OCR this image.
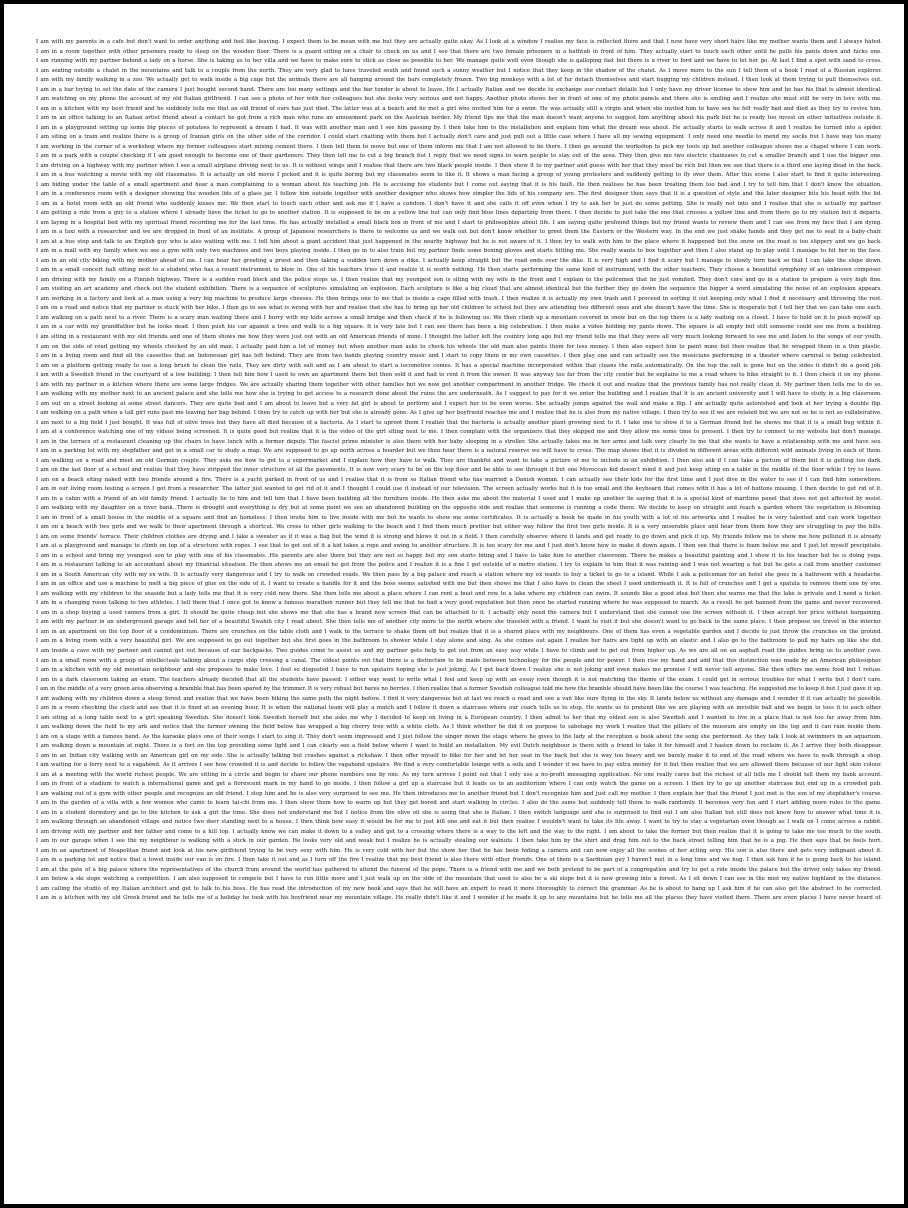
I am with my parents in a cafe but don't want to order anything and feel like leaving. I expect them to be mean with me but they are actually quite okay. As I look at a window I realise my face is reflected there and that I now have very short hairs like my mother wants them and I always hated.
I am in a room together with other prisoners ready to sleep on the wooden floor. There is a guard sitting on a chair to check on us and I see that there are two female prisoners in a bathtub in front of him. They actually start to touch each other until he pulls his pants down and fucks one.
I am running with my partner behind a lady on a horse. She is taking us to her villa and we have to make sure to stick as close as possible to her. We manage quite well even though she is galloping fast but there is a river to ford and we have to let her go. At last I find a spot with sand to cross.
I am seating outside a chalet in the mountains and talk to a couple from the north. They are very glad to have traveled south and found such a sunny weather but I notice that they keep in the shadow of the chalet. As I move more to the sun I tell them of a book I read of a Russian explorer.
I am with my family walking in a zoo. We actually get to walk inside a big cage but the animals there are all hanging around the bars completely frozen. Two big monkeys with a lot of fur detach themselves and start hugging my children instead. I then look at them trying to pull themselves out.
I am in a bar trying to set the date of the camera I just bought second hand. There are too many settings and the bar tender is about to leave. He I actually Italian and we decide to exchange our contact details but I only have my driver license to show him and he has his that is almost identical.
I am watching on my phone the account of my old Italian girlfriend. I can see a photo of her with her colleagues but she looks very serious and not happy. Another photo shows her in front of one of my photo panels and there she is smiling and I realize she must still be very in love with me.
I am in a kitchen with my best friend and he suddenly tells me that an old friend of ours has just died. The latter was at a beach and he met a girl who invited him for a swim. He was actually still a virgin and when she invited him to have sex he felt really bad and died as they try to revive him.
I am in an office talking to an Italian artist friend about a contact he got from a rich man who runs an amusement park on the Austrian border. My friend tips me that the man doesn't want anyone to suggest him anything about his park but he is ready too invest on other initiatives outside it.
I am in a playground setting up some big pieces of potatoes to represent a dream I had. It was with another man and I see him passing by. I then take him to the installation and explain him what the dream was about. He actually starts to walk across it and I realize he turned into a spider.
I am siting on a train and realize there is a group of Iranian girls on the other side of the corridor. I could start chatting with them but I actually don't care and just pull out a little case where I have all my sewing equipment. I only need one needle to mend my socks but I have way too many.
I am working in the corner of a workshop where my former colleagues start mixing cement there. I then tell them to move but one of them inform me that I am not allowed to be there. I then go around the workshop to pick my tools up but another colleague shows me a chapel where I can work.
I am in a park with a couple checking if I am good enough to become one of their gardeners. They then tell me to cut a big branch but I reply that we need signs to warn people to stay out of the area. They then give me two electric chainsaws to cut a smaller branch and I use the bigger one.
I am driving on a highway with my partner when I see a small airplane driving next to us. It is without wings and I realise that there are two black people inside. I then show it to my partner and guess with her that they must be rich but then we see that there is a third one laying dead in the back.
I am in a bus watching a movie with my old classmates. It is actually an old movie I picked and it is quite boring but my classmates seem to like it. It shows a man facing a group of young protesters and suddenly getting to fly over them. After this scene I also start to find it quite interesting.
I am hiding under the table of a small apartment and hear a man complaining to a woman about his teaching job. He is accusing his students but I come out saying that it is his fault. He then realises he has been treating them too bad and I try to tell him that I don't know the situation.
I am in a conference room with a designer showing the wooden lids of a glass jar. I follow him outside together with another designer who shows how simpler the lids of his company are. The first designer then says that it is a question of style and the later designer hits his head with the lid.
I am in a hotel room with an old friend who suddenly kisses me. We then start to touch each other and ask me if I have a condom. I don't have it and she calls it off even when I try to ask her to just do some petting. She is really not into and I realise that she is actually my partner.
I am getting a ride from a guy to a station where I already have the ticket to go to another station. It is supposed to be on a yellow line but can only find blue lines departing from there. I then decide to just take the one that crosses a yellow line and from there go to my station but it departs.
I am laying in a hospital bed with my spiritual friend recording me for the last time. He has actually installed a small black box in front of me and I start to philosophize about life. I am saying quite profound things but my friend wants to review them and I can see from my face that I am dying.
I am in a taxi with a researcher and we are dropped in front of an institute. A group of Japanese researchers is there to welcome us and we walk out but don't know whether to greet them the Eastern or the Western way. In the end we just shake hands and they get me to seat in a baby-chair.
I am at a bus stop and talk to an English guy who is also waiting with me. I tell him about a giant accident that just happened in the nearby highway but he is not aware of it. I then try to walk with him to the place where it happened but the snow on the road is too slippery and we go back.
I am in a mall with my family when we see a gym with only two machines and two boys playing inside. I then go in to also train but my partner finds some boxing gloves and starts hitting me. She really wants to box together and then I also stand up to play until I manage to hit her in the face.
I am in an old city biking with my mother ahead of me. I can hear her greeting a priest and then taking a sudden turn down a dike. I actually keep straight but the road ends over the dike. It is very high and I find it scary but I manage to slowly turn back so that I can take the slope down.
I am in a small concert hall sitting next to a student who has a round instrument to blow in. One of his teachers tries it and realize it is worth nothing. He then starts performing the same kind of instrument with the other teachers. They choose a beautiful symphony of an unknown composer.
I am driving with my family on a Finnish highway. There is a sudden road block and the police stops us. I then realize that my youngest son is siting with my wife in the front and I explain to the policemen that he just vomited. They don't care and go in a station to prepare a very high fine.
I am visiting an art academy and check out the student exhibition. There is a sequence of sculptures simulating an explosion. Each sculpture is like a big cloud that are almost identical but the further they go down the sequence the bigger a word simulating the noise of an explosion appears.
I am working in a factory and look at a man using a very big machine to produce large cheeses. He then brings one to me that is inside a cage filled with trash. I then realize it is actually my own trash and I proceed in sorting it out keeping only what I find it necessary and throwing the rest.
I am on a road and notice that my partner is stuck with her bike. I then go to see what is wrong with her and realise that she has to bring up her old children to school but they are attending two different ones and she doesn't have the time. She is desperate but I tell her that we can take one each.
I am walking on a path next to a river. There is a scary man waiting there and I hurry with my kids across a small bridge and then check if he is following us. We then climb up a mountain covered in snow but on the top there is a lady waiting on a closet. I have to hold on it to push myself up.
I am in a car with my grandfather but he looks dead. I then push his car against a tree and walk to a big square. It is very late but I can see there has been a big celebration. I then make a video holding my pants down. The square is all empty but still someone could see me from a building.
I am siting in a restaurant with my old friends and one of them shows me how they were just out with an old American friends of mine. I thought the latter left the country long ago but my friend tells me that they were all very much looking forward to see me and listen to the songs of our youth.
I am on the side of road getting my wheels checked by an old man. I actually paid him a lot of money but when another man asks to check his wheels the old man also paints them for less money. I then also expect him to paint mine but then realize that he wrapped them in a thin plastic.
I am in a living room and find all the cassettes that an Indonesian girl has left behind. They are from two bands playing country music and I start to copy them in my own cassettes. I then play one and can actually see the musicians performing in a theater where carnival is being celebrated.
I am on a platform getting ready to use a long brush to clean the rails. They are dirty with salt and as I am about to start a locomotive comes. It has a special machine incorporated within that cleans the rails automatically. On the top the salt is gone but on the sides it didn't do a good job.
I am with a Swedish friend in the courtyard of a low building. I then tell him how I used to own an apartment there but then sold it and had to rent it from the owner. It was anyway too far from the city center but he explains to me a road where to bike straight to it. I then check it on my phone.
I am with my partner in a kitchen where there are some large fridges. We are actually sharing them together with other families but we now got another compartment in another fridge. We check it out and realize that the previous family has not really clean it. My partner then tells me to do so.
I am walking with my mother next to an ancient palace and she tells me how she is trying to get access to a research done about the ruins the are underneath. As I suggest to pay for it we enter the building and I realize that it is an ancient university and I will have to study in a big classroom.
I am out on a street looking at some street dancers. They are quite bad and I am about to leave but a very fat girl is about to perform and I expect her to be even worse. She actually jumps against the wall and make a flip. I am actually quite astonished and look at her trying a double flip.
I am walking on a path when a tall girl runs past me leaving her bag behind. I then try to catch up with her but she is already gone. As I give up her boyfriend reaches me and I realize that he is also from my native village. I then try to see if we are related but we are not so he is not so collaborative.
I am next to a big field I just bought. It was full of olive trees but they have all died because of a bacteria. As I start to uproot them I realize that the bacteria is actually another plant growing next to it. I take one to show it to a German friend but he shows me that it is a small bug within it.
I am at a conference watching one of my videos being screened. It is quite good but realize that it is the video of the girl siting next to me. I then complain with the organizers that they skipped me and they allow me some time to present. I then try to connect to my website but don't manage.
I am in the terrace of a restaurant cleaning up the chairs to have lunch with a former deputy. The fascist prime minister is also there with her baby sleeping in a stroller. She actually takes me in her arms and talk very clearly to me that she wants to have a relationship with me and have sex.
I am in a parking lot with my stepfather and get in a small car to study a map. We are supposed to go up north across a boarder but we then hear there is a natural reserve we will have to cross. The map shows that it is divided in different areas with different wild animals living in each of them.
I am walking on a road and meet an old German couple. They asks me how to get to a supermarket and I explain how they have to walk. They are thankful and want to take a picture of me to include in an exhibition. I then also ask if I can take a picture of them but it is getting too dark.
I am on the last floor of a school and realize that they have stripped the inner structure of all the pavements. It is now very scary to be on the top floor and be able to see through it but one Moroccan kid doesn't mind it and just keep siting on a table in the middle of the floor while I try to leave.
I am on a beach siting naked with two friends around a fire. There is a yacht parked in front of us and I realise that it is from so Italian friend who has married a Danish woman. I can actually see their kids for the first time and I just dive in the water to see if I can find him somewhere.
I am in our living room testing a screen I got from a researcher. The latter just wanted to get rid of it and I thought I could use it instead of our television. The screen actually works but it is too small and the keyboard that comes with it has a lot of buttons missing. I then decide to get rid of it.
I am in a cabin with a friend of an old family friend. I actually lie to him and tell him that I have been building all the furniture inside. He then asks me about the material I used and I make up another lie saying that it is a special kind of maritime panel that does not get affected by moist.
I am walking with my daughter on a river bank. There is drought and everything is dry but at some point we see an abandoned building on the opposite side and realize that someone is running a code there. We decide to keep on straight and reach a garden where the vegetation is blooming.
I am in front of a small house in the middle of a square and find an homeless. I then invite him to live inside with me but he wants to show me some certificates. It is actually a book he made in his youth with a lot of his artworks and I realise he is very talented and can work together.
I am on a beach with two girls and we walk to their apartment through a shortcut. We cross to other girls walking to the beach and I find them much prettier but either way follow the first two girls inside. It is a very miserable place and hear from them how they are struggling to pay the bills.
I am on some friends' terrace. Their children clothes are drying and I take a sweater as if it was a flag but the wind it is strong and blows it out in a field. I then carefully observe where it lands and get ready to go down and pick it up. My friends follow me to show me how polluted it is already.
I am at a playground and manage to climb on top of a structure with ropes. I see that to get out of it a kid takes a rope and swing to another structure. It is too scary for me and I just don't know how to make it down again. I then see that there is foam below me and I just let myself precipitate.
I am in a school and bring my youngest son to play with one of his classmates. His parents are also there but they are not so happy but my son starts biting and I have to take him to another classroom. There he makes a beautiful painting and I show it to his teacher but he is doing yoga.
I am in a restaurant talking to an accountant about my financial situation. He then shows me an email he got from the police and I realize it is a fine I got outside of a metro station. I try to explain to him that it was raining and I was not wearing a hat but he gets a call from another customer.
I am in a South American city with my ex wife. It is actually very dangerous and I try to walk on crowded roads. We then pass by a big palace and reach a station where my ex wants to buy a ticket to go to a island. While I ask a policeman for an hotel she goes in a bathroom with a headache.
I am in an office and use a machine to melt a big piece of glue on the side of it. I want to create a handle for it and the boss seems satisfied with me but then shows me that I also have to clean the sheet I used underneath it. It is full of crunches and I get a spatula to remove them one by one.
I am walking with my children to the seaside but a lady tells me that it is very cold now there. She then tells me about a place where I can rent a boat and row to a lake where my children can swim. It sounds like a good idea but then she warns me that the lake is private and I need a ticket.
I am in a changing room talking to two athletes. I tell them that I once got to know a famous marathon runner but they tell me that he had a very good reputation but then once he started running where he was supposed to march. As a result he got banned from the game and never recovered.
I am in a shop buying a used camera from a girl. It should be quite cheap but she shows me that she has a brand new screen that can be attached to it. I actually only need the camera but I understand that she cannot use the screen without it. I then accept her price without bargaining.
I am with my partner in an underground garage and tell her of a beautiful Swahili city I read about. She then tells me of another city more to the north where she traveled with a friend. I want to visit it but she doesn't want to go back to the same place. I then propose we travel in the interior.
I am in an apartment on the top floor of a condominium. There are crunches on the table cloth and I walk to the terrace to shake them off but realize that it is a shared place with my neighbours. One of them has even a vegetable garden and I decide to just throw the crunches on the ground.
I am in a living room with a very beautiful girl. We are supposed to go out together but she first goes in the bathroom to shower while I stay alone and sing. As she comes out again I realize her hairs are tight up with an elastic and I also go to the bathroom to pull my hairs up like she did.
I am inside a cave with my partner and cannot get out because of our backpacks. Two guides come to assist us and my partner gets help to get out from an easy way while I have to climb and to get out from higher up. As we are all on an asphalt road the guides bring us to another cave.
I am in a small room with a group of intellectuals talking about a cargo ship crossing a canal. The oldest points out that there is a distinction to be made between technology for the people and for power. I then rise my hand and add that this distinction was made by an American philosopher.
I am in a kitchen with my old mountain neighbour and she proposes to make love. I feel so disgusted I have to run upstairs hoping she is just joking. As I get back down I realize she is not joking and even makes me promise I will never tell anyone. She then offers me some food but I refuse.
I am in a dark classroom taking an exam. The teachers already decided that all the students have passed. I either way want to write what I feel and keep up with an essay even though it is not matching the theme of the exam. I could get in serious troubles for what I write but I don't care.
I am in the middle of a very green area observing a bramble that has been spared by the trimmer. It is very robust but bares no berries. I then realize that a former Swedish colleague told me how the bramble should have been like the course I was teaching. He suggested me to keep it but I just gave it up.
I am walking with my children down a steep forest and realize that we have been hiking the same path the night before. I find it very dangerous but at last we reach a road and see a van like ours flying in the sky. It lands below us without any damage and I wonder if it can actually be possible.
I am in a room checking the clock and see that it is fixed at an evening hour. It is when the national team will play a match and I follow it down a staircase where our coach tells us to stop. He wants us to pretend like we are playing with an invisible ball and we begin to toss it to each other.
I am siting at a long table next to a girl speaking Swedish. She doesn't look Swedish herself but she asks me why I decided to keep on living in a European country. I then admit to her that my oldest son is also Swedish and I wanted to live in a place that is not too far away from him.
I am walking down the field to my ark and notice that the farmer owning the field below has wrapped a big cherry tree with a white cloth. As I think whether he did it on purpose to sabotage my work I realize that the pillars of the museum are empty on the top and it can rain inside them.
I am on a stage with a famous band. As the karaoke plays one of their songs I start to sing it. They don't seem impressed and I just follow the singer down the stage where he gives to the lady at the reception a book about the song she performed. As they talk I look at swimmers in an aquarium.
I am walking down a mountain at night. There is a fort on the top providing some light and I can clearly see a field below where I want to build an installation. My evil Dutch neighbour is there with a friend to take it for himself and I hasten down to reclaim it. As I arrive they both disappear.
I am in an Indian city walking with an American girl on my side. She is actually talking but crashes against a rickshaw. I then offer myself to bike for her and let her seat in the back but she is way too heavy and we barely make it to end of the road where we have to walk through a shop.
I am waiting for a ferry next to a vagabond. As it arrives I see how crowded it is and decide to follow the vagabond upstairs. We find a very comfortable lounge with a sofa and I wonder if we have to pay extra money for it but then realize that we are allowed there because of our light skin colour.
I am at a meeting with the world richest people. We are sitting in a circle and begin to share our phone numbers one by one. As my turn arrives I point out that I only use a no-profit messaging application. No one really cares but the richest of all tells me I should tell them my bank account.
I am in front of a stadium to watch a international game and get a florescent mark in my hand to go inside. I then follow a girl up a staircase but it leads us to an auditorium where I can only watch the game on a screen. I then try to go up another staircase but end up in a crowded pub.
I am walking out of a gym with other people and recognize an old friend. I stop him and he is also very surprised to see me. He then introduces me to another friend but I don't recognize him and just call my mother. I then explain her that the friend I just met is the son of my stepfather's course.
I am in the garden of a villa with a few women who came to learn tai-chi from me. I then show them how to warm up but they get bored and start walking in circles. I also do the same but suddenly tell them to walk randomly. It becomes very fun and I start adding more rules to the game.
I am in a student dormitory and go to the kitchen to ask a girl the time. She does not understand me but I notice from the olive oil she is using that she is Italian. I then switch language and she is surprised to find out I am also Italian but still does not know how to answer what time it is.
I am walking through an abandoned village and notice two deer standing next to a house. I then think how easy it would be for me to just kill one and eat it but then realize I wouldn't want to take its life away. I want to try to stay a vegetarian even though as I walk on I come across a rabbit.
I am driving with my partner and her father and come to a hill top. I actually know we can make it down to a valley and get to a crossing where there is a way to the left and the way to the right. I am about to take the former but then realize that it is going to take me too much to the south.
I am in our garage when I see the my neighbour is walking with a stick in our garden. He looks very old and weak but I realize he is actually stealing our walnuts. I then take him by the shirt and drag him out to the back street telling him that he is a pig. He then says that he feels hurt.
I am in an apartment of Neapolitan friend and look at his new girlfriend trying to be very sexy with him. He is very cold with her but the show her that he has been hiding a camera and can now enjoy all the scenes of her acting sexy. His son is also there and gets very indignant about it.
I am in a parking lot and notice that a towel inside our van is on fire. I then take it out and as I turn off the fire I realize that my best friend is also there with other friends. One of them is a Sardinian guy I haven't met in a long time and we hug. I then ask him if he is going back to his island.
I am at the gate of a big palace where the representatives of the church from around the world has gathered to attend the funeral of the pope. There is a friend with me and we both pretend to be part of a congregation and try to get a ride inside the palace but the driver only takes my friend.
I am below a ski slope watching a competition. I am also supposed to compete but I have to run little more and I just walk up on the side of the mountain that used to also be a ski slope but it is now growing into a forest. As I sit down I can see in the mist my native highland in the distance.
I am calling the studio of my Italian architect and get to talk to his boss. He has read the introduction of my new book and says that he will have an expert to read it more thoroughly to correct the grammar. As he is about to hang up I ask him if he can also get the abstract to be corrected.
I am in a kitchen with my old Greek friend and he tells me of a holiday he took with his boyfriend near my mountain village. He really didn't like it and I wonder if he made it up to any mountains but he tells me all the places they have visited there. There are even places I have never heard of.
